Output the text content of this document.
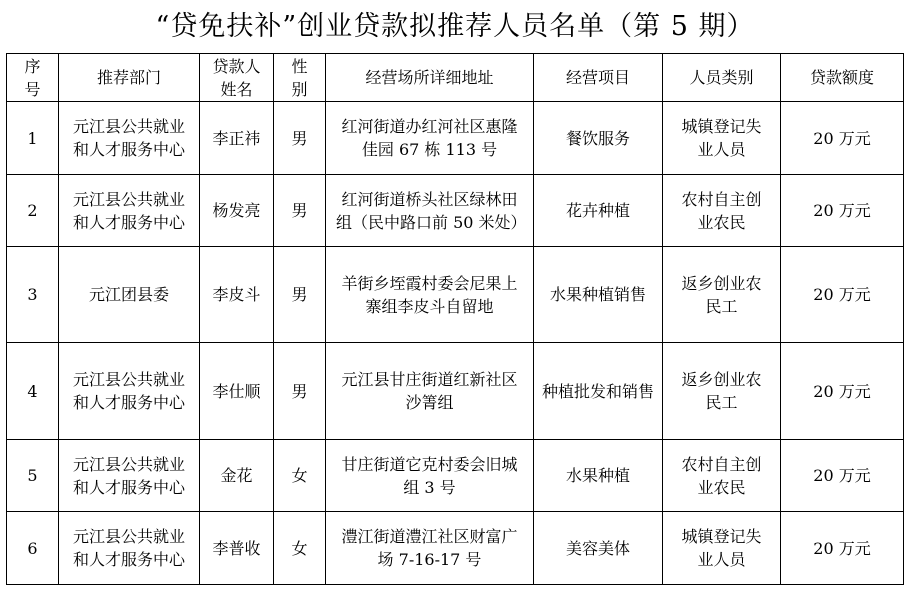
“贷免扶补”创业贷款拟推荐人员名单（第 5 期）
序号	推荐部门	贷款人姓名	性别	经营场所详细地址	经营项目	人员类别	贷款额度
1	元江县公共就业和人才服务中心	李正祎	男	红河街道办红河社区惠隆佳园 67 栋 113 号	餐饮服务	城镇登记失业人员	20 万元
2	元江县公共就业和人才服务中心	杨发亮	男	红河街道桥头社区绿林田组（民中路口前 50 米处）	花卉种植	农村自主创业农民	20 万元
3	元江团县委	李皮斗	男	羊街乡垤霞村委会尼果上寨组李皮斗自留地	水果种植销售	返乡创业农民工	20 万元
4	元江县公共就业和人才服务中心	李仕顺	男	元江县甘庄街道红新社区沙箐组	种植批发和销售	返乡创业农民工	20 万元
5	元江县公共就业和人才服务中心	金花	女	甘庄街道它克村委会旧城组 3 号	水果种植	农村自主创业农民	20 万元
6	元江县公共就业和人才服务中心	李普收	女	澧江街道澧江社区财富广场 7-16-17 号	美容美体	城镇登记失业人员	20 万元
